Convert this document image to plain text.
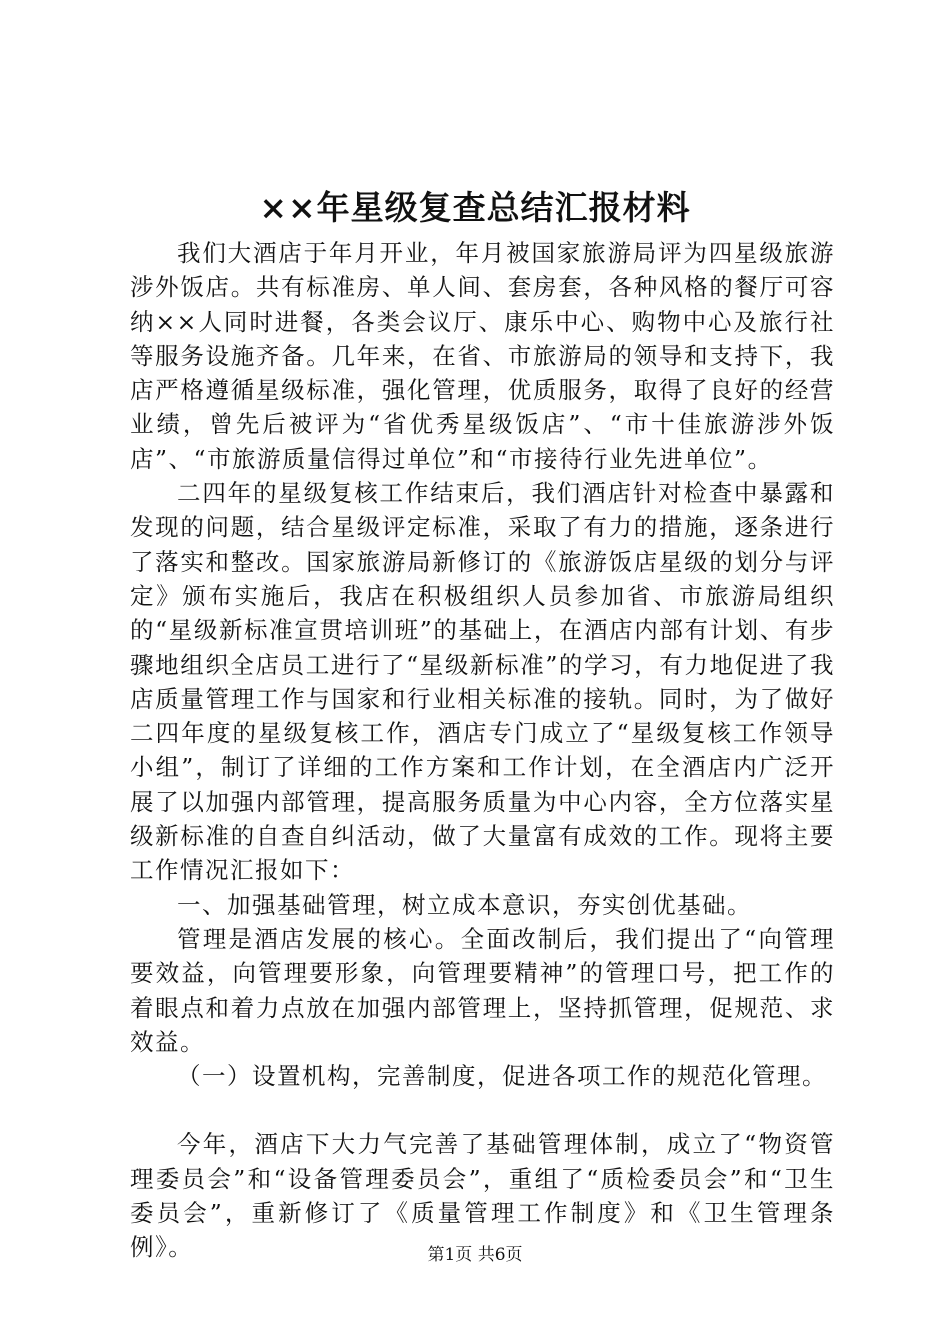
××年星级复查总结汇报材料

我们大酒店于年月开业，年月被国家旅游局评为四星级旅游涉外饭店。共有标准房、单人间、套房套，各种风格的餐厅可容纳××人同时进餐，各类会议厅、康乐中心、购物中心及旅行社等服务设施齐备。几年来，在省、市旅游局的领导和支持下，我店严格遵循星级标准，强化管理，优质服务，取得了良好的经营业绩，曾先后被评为“省优秀星级饭店”、“市十佳旅游涉外饭店”、“市旅游质量信得过单位”和“市接待行业先进单位”。

二四年的星级复核工作结束后，我们酒店针对检查中暴露和发现的问题，结合星级评定标准，采取了有力的措施，逐条进行了落实和整改。国家旅游局新修订的《旅游饭店星级的划分与评定》颁布实施后，我店在积极组织人员参加省、市旅游局组织的“星级新标准宣贯培训班”的基础上，在酒店内部有计划、有步骤地组织全店员工进行了“星级新标准”的学习，有力地促进了我店质量管理工作与国家和行业相关标准的接轨。同时，为了做好二四年度的星级复核工作，酒店专门成立了“星级复核工作领导小组”，制订了详细的工作方案和工作计划，在全酒店内广泛开展了以加强内部管理，提高服务质量为中心内容，全方位落实星级新标准的自查自纠活动，做了大量富有成效的工作。现将主要工作情况汇报如下：

一、加强基础管理，树立成本意识，夯实创优基础。

管理是酒店发展的核心。全面改制后，我们提出了“向管理要效益，向管理要形象，向管理要精神”的管理口号，把工作的着眼点和着力点放在加强内部管理上，坚持抓管理，促规范、求效益。

（一）设置机构，完善制度，促进各项工作的规范化管理。

今年，酒店下大力气完善了基础管理体制，成立了“物资管理委员会”和“设备管理委员会”，重组了“质检委员会”和“卫生委员会”，重新修订了《质量管理工作制度》和《卫生管理条例》。	第1页 共6页
